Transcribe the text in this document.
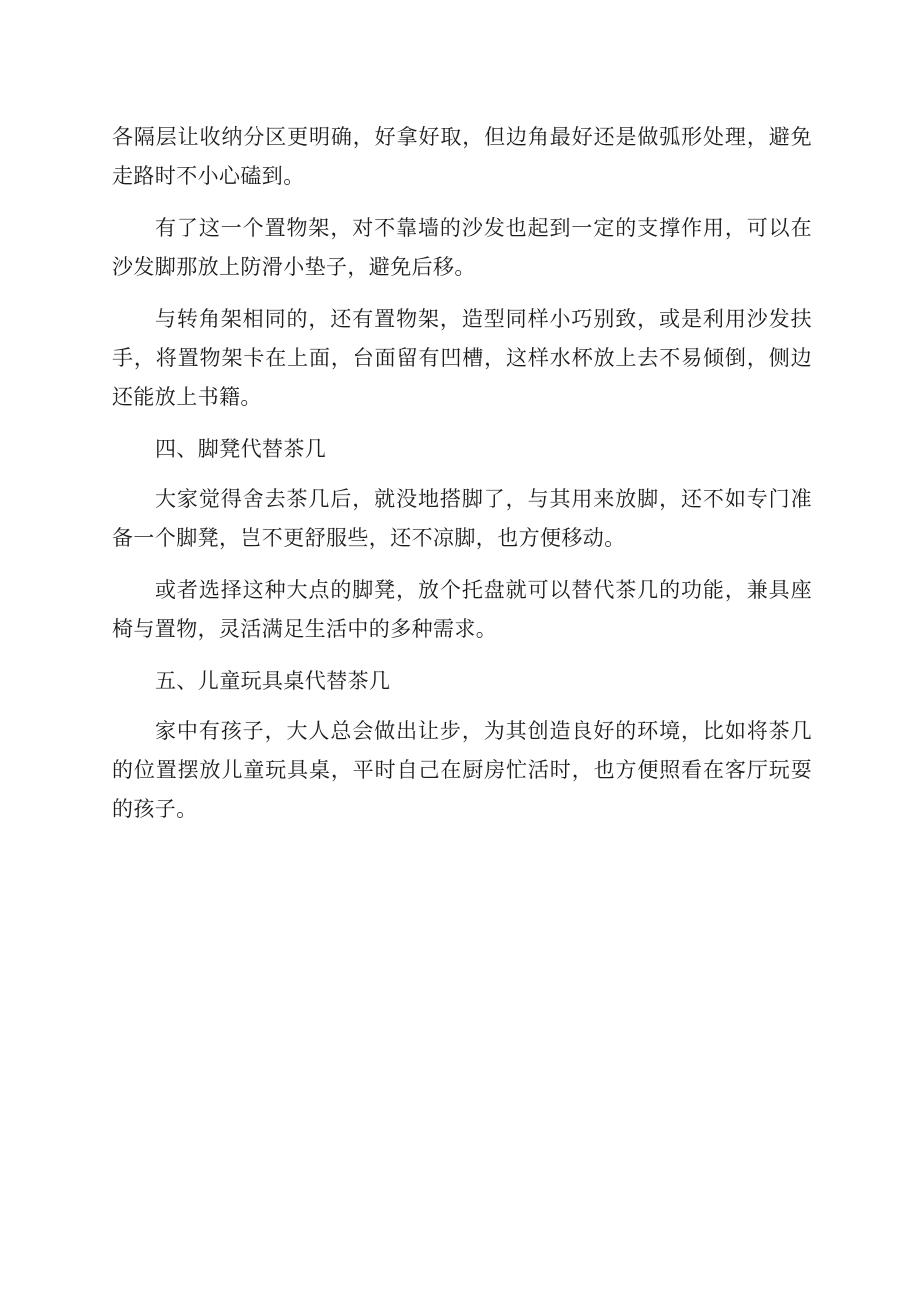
各隔层让收纳分区更明确，好拿好取，但边角最好还是做弧形处理，避免走路时不小心磕到。

有了这一个置物架，对不靠墙的沙发也起到一定的支撑作用，可以在沙发脚那放上防滑小垫子，避免后移。

与转角架相同的，还有置物架，造型同样小巧别致，或是利用沙发扶手，将置物架卡在上面，台面留有凹槽，这样水杯放上去不易倾倒，侧边还能放上书籍。

四、脚凳代替茶几

大家觉得舍去茶几后，就没地搭脚了，与其用来放脚，还不如专门准备一个脚凳，岂不更舒服些，还不凉脚，也方便移动。

或者选择这种大点的脚凳，放个托盘就可以替代茶几的功能，兼具座椅与置物，灵活满足生活中的多种需求。

五、儿童玩具桌代替茶几

家中有孩子，大人总会做出让步，为其创造良好的环境，比如将茶几的位置摆放儿童玩具桌，平时自己在厨房忙活时，也方便照看在客厅玩耍的孩子。
